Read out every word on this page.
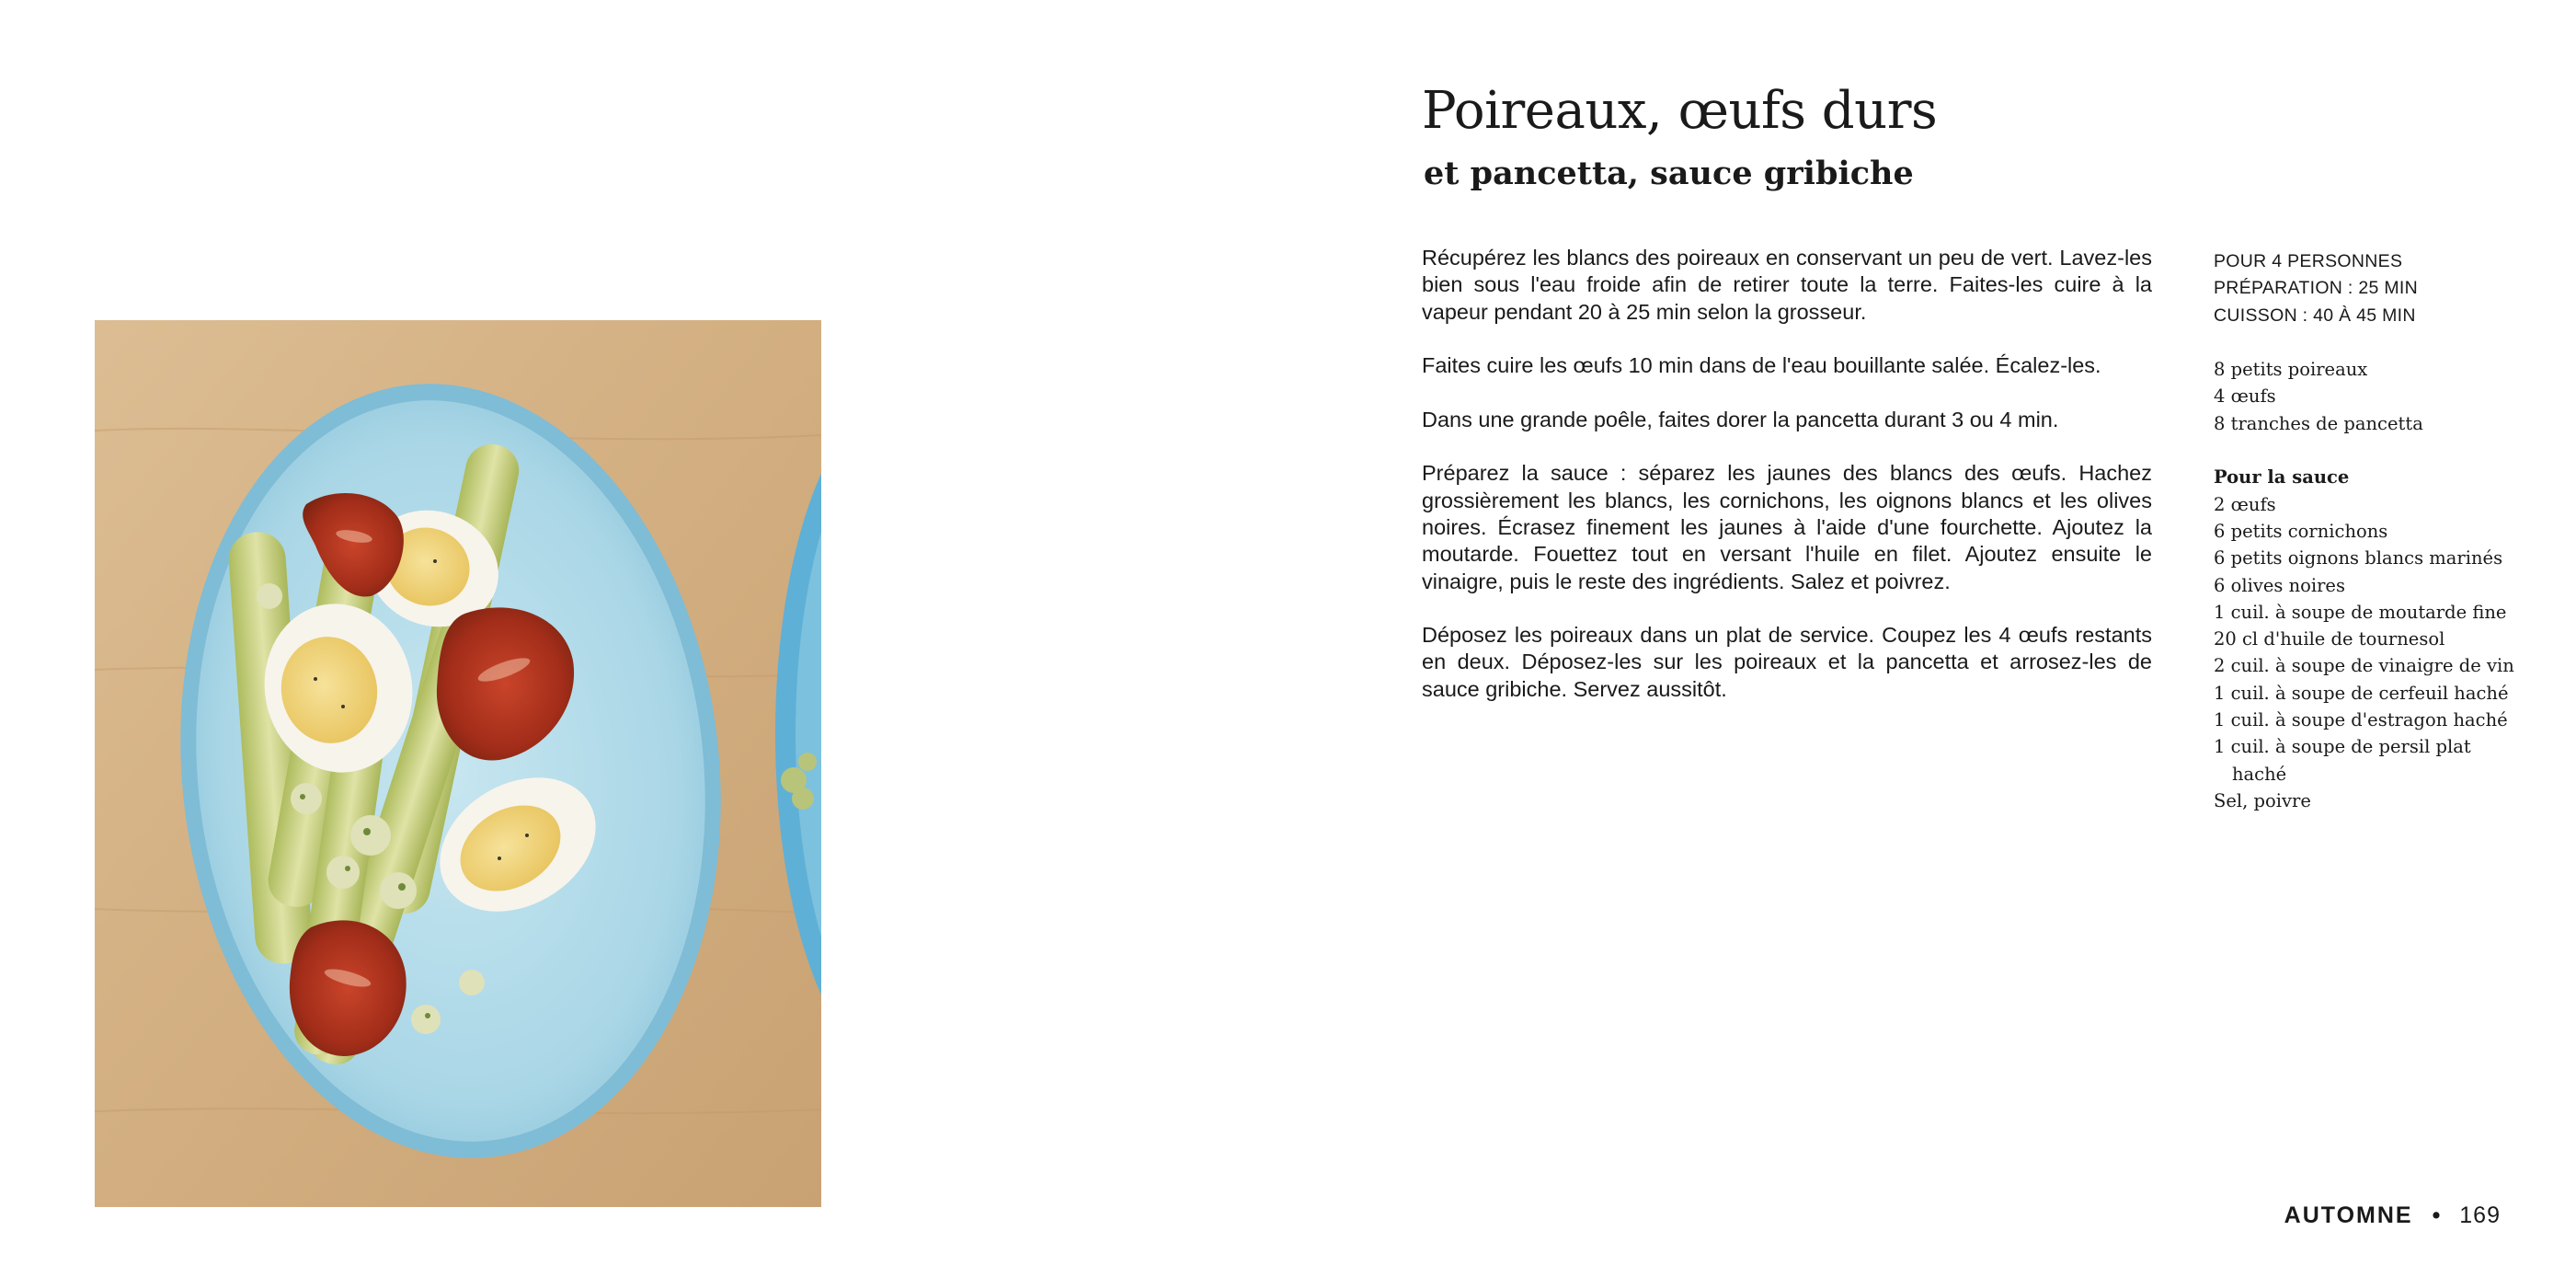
Poireaux, œufs durs
et pancetta, sauce gribiche

Récupérez les blancs des poireaux en conservant un peu de vert. Lavez-les bien sous l'eau froide afin de retirer toute la terre. Faites-les cuire à la vapeur pendant 20 à 25 min selon la grosseur.

Faites cuire les œufs 10 min dans de l'eau bouillante salée. Écalez-les.

Dans une grande poêle, faites dorer la pancetta durant 3 ou 4 min.

Préparez la sauce : séparez les jaunes des blancs des œufs. Hachez grossièrement les blancs, les cornichons, les oignons blancs et les olives noires. Écrasez finement les jaunes à l'aide d'une fourchette. Ajoutez la moutarde. Fouettez tout en versant l'huile en filet. Ajoutez ensuite le vinaigre, puis le reste des ingrédients. Salez et poivrez.

Déposez les poireaux dans un plat de service. Coupez les 4 œufs restants en deux. Déposez-les sur les poireaux et la pancetta et arrosez-les de sauce gribiche. Servez aussitôt.

POUR 4 PERSONNES
PRÉPARATION : 25 MIN
CUISSON : 40 À 45 MIN
8 petits poireaux
4 œufs
8 tranches de pancetta
Pour la sauce
2 œufs
6 petits cornichons
6 petits oignons blancs marinés
6 olives noires
1 cuil. à soupe de moutarde fine
20 cl d'huile de tournesol
2 cuil. à soupe de vinaigre de vin
1 cuil. à soupe de cerfeuil haché
1 cuil. à soupe d'estragon haché
1 cuil. à soupe de persil plat haché
Sel, poivre
AUTOMNE • 169
